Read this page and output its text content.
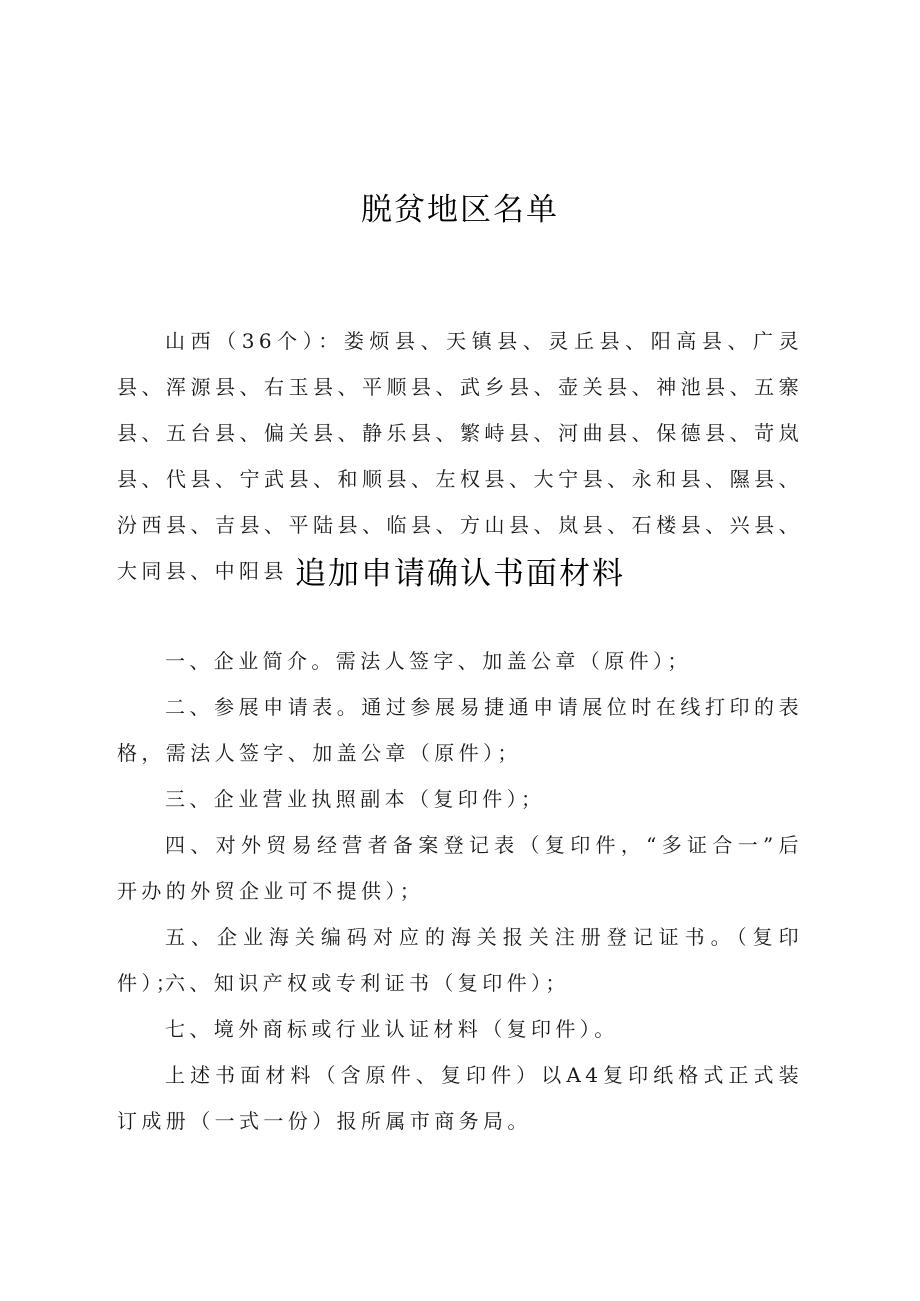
脱贫地区名单

山西（36个）：娄烦县、天镇县、灵丘县、阳高县、广灵县、浑源县、右玉县、平顺县、武乡县、壶关县、神池县、五寨县、五台县、偏关县、静乐县、繁峙县、河曲县、保德县、苛岚县、代县、宁武县、和顺县、左权县、大宁县、永和县、隰县、汾西县、吉县、平陆县、临县、方山县、岚县、石楼县、兴县、大同县、中阳县 追加申请确认书面材料

一、企业简介。需法人签字、加盖公章（原件）；

二、参展申请表。通过参展易捷通申请展位时在线打印的表格，需法人签字、加盖公章（原件）；

三、企业营业执照副本（复印件）；

四、对外贸易经营者备案登记表（复印件，“多证合一”后开办的外贸企业可不提供）；

五、企业海关编码对应的海关报关注册登记证书。（复印件）；

六、知识产权或专利证书（复印件）；

七、境外商标或行业认证材料（复印件）。

上述书面材料（含原件、复印件）以A4复印纸格式正式装订成册（一式一份）报所属市商务局。
